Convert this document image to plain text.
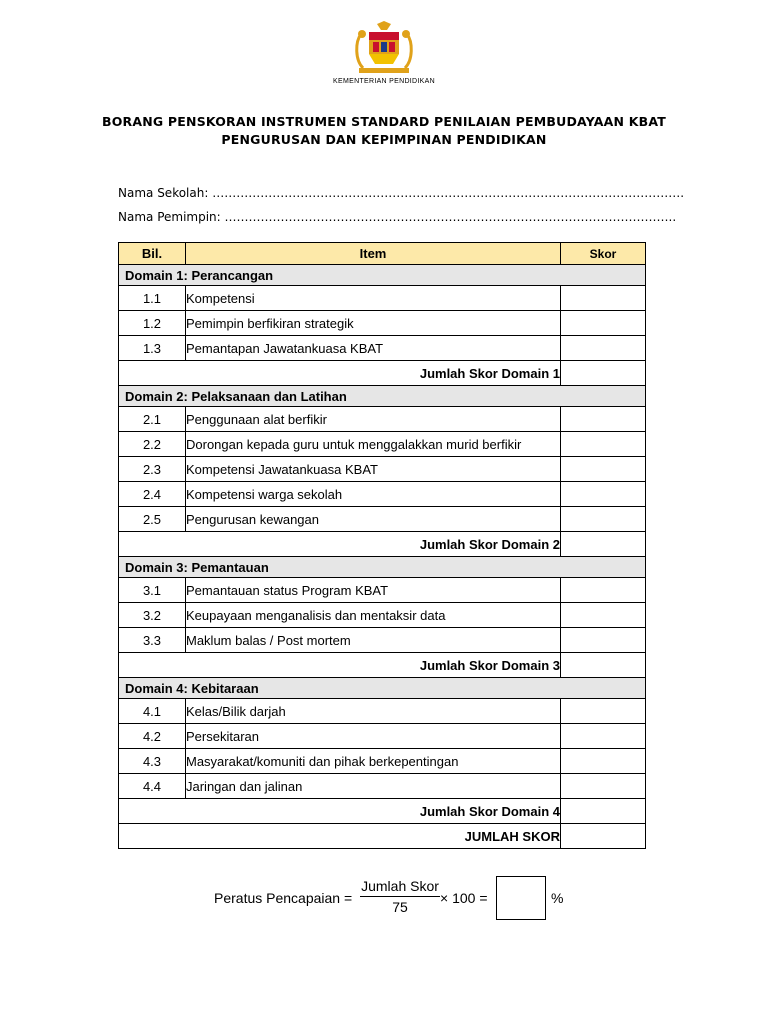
KEMENTERIAN PENDIDIKAN
BORANG PENSKORAN INSTRUMEN STANDARD PENILAIAN PEMBUDAYAAN KBAT
PENGURUSAN DAN KEPIMPINAN PENDIDIKAN
Nama Sekolah: ……………………………………………………………………………………………………….
Nama Pemimpin: …………………………………………………………………………………………………..
Bil.	Item	Skor
Domain 1: Perancangan		
1.1	Kompetensi	
1.2	Pemimpin berfikiran strategik	
1.3	Pemantapan Jawatankuasa KBAT	
Jumlah Skor Domain 1		
Domain 2: Pelaksanaan dan Latihan		
2.1	Penggunaan alat berfikir	
2.2	Dorongan kepada guru untuk menggalakkan murid berfikir	
2.3	Kompetensi Jawatankuasa KBAT	
2.4	Kompetensi warga sekolah	
2.5	Pengurusan kewangan	
Jumlah Skor Domain 2		
Domain 3: Pemantauan		
3.1	Pemantauan status Program KBAT	
3.2	Keupayaan menganalisis dan mentaksir data	
3.3	Maklum balas / Post mortem	
Jumlah Skor Domain 3		
Domain 4: Kebitaraan		
4.1	Kelas/Bilik darjah	
4.2	Persekitaran	
4.3	Masyarakat/komuniti dan pihak berkepentingan	
4.4	Jaringan dan jalinan	
Jumlah Skor Domain 4		
JUMLAH SKOR		
Peratus Pencapaian =
Jumlah Skor
75
× 100 =	%
